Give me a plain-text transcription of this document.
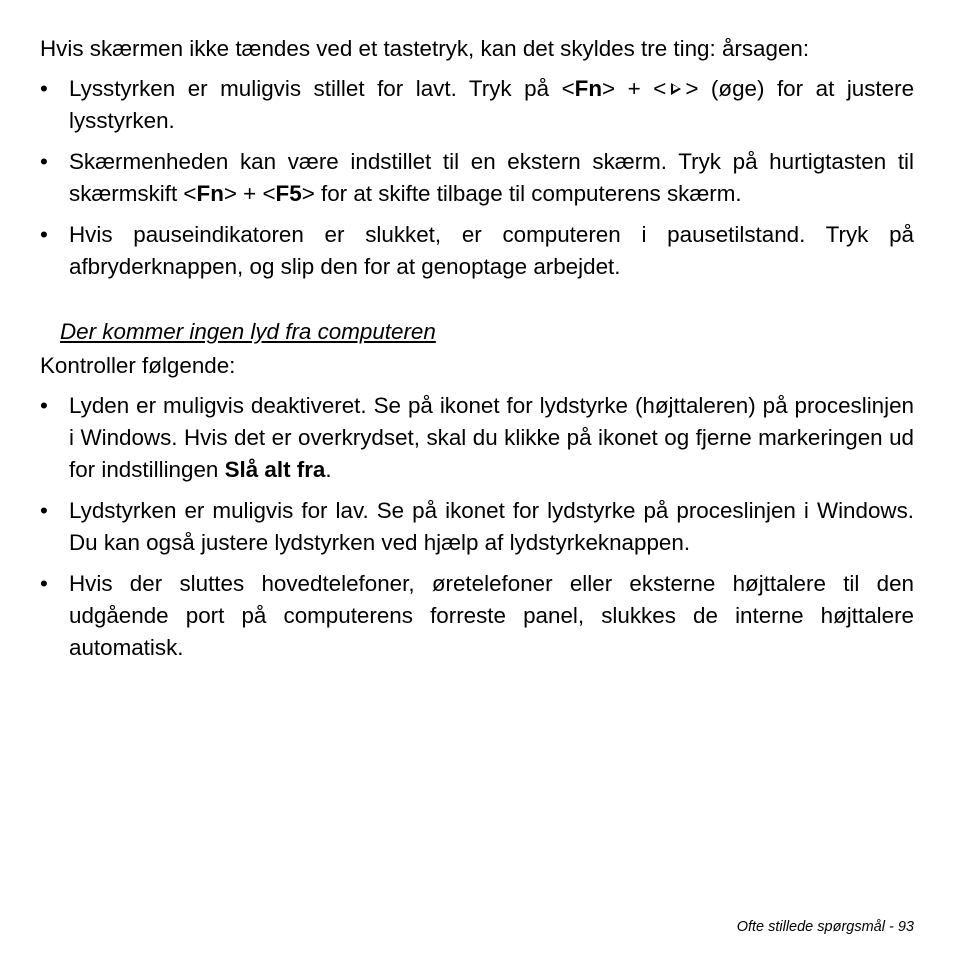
Hvis skærmen ikke tændes ved et tastetryk, kan det skyldes tre ting: årsagen:

• Lysstyrken er muligvis stillet for lavt. Tryk på <Fn> + < > (øge) for at justere lysstyrken.
• Skærmenheden kan være indstillet til en ekstern skærm. Tryk på hurtigtasten til skærmskift <Fn> + <F5> for at skifte tilbage til computerens skærm.
• Hvis pauseindikatoren er slukket, er computeren i pausetilstand. Tryk på afbryderknappen, og slip den for at genoptage arbejdet.

Der kommer ingen lyd fra computeren

Kontroller følgende:

• Lyden er muligvis deaktiveret. Se på ikonet for lydstyrke (højttaleren) på proceslinjen i Windows. Hvis det er overkrydset, skal du klikke på ikonet og fjerne markeringen ud for indstillingen Slå alt fra.
• Lydstyrken er muligvis for lav. Se på ikonet for lydstyrke på proceslinjen i Windows. Du kan også justere lydstyrken ved hjælp af lydstyrkeknappen.
• Hvis der sluttes hovedtelefoner, øretelefoner eller eksterne højttalere til den udgående port på computerens forreste panel, slukkes de interne højttalere automatisk.
Ofte stillede spørgsmål - 93
